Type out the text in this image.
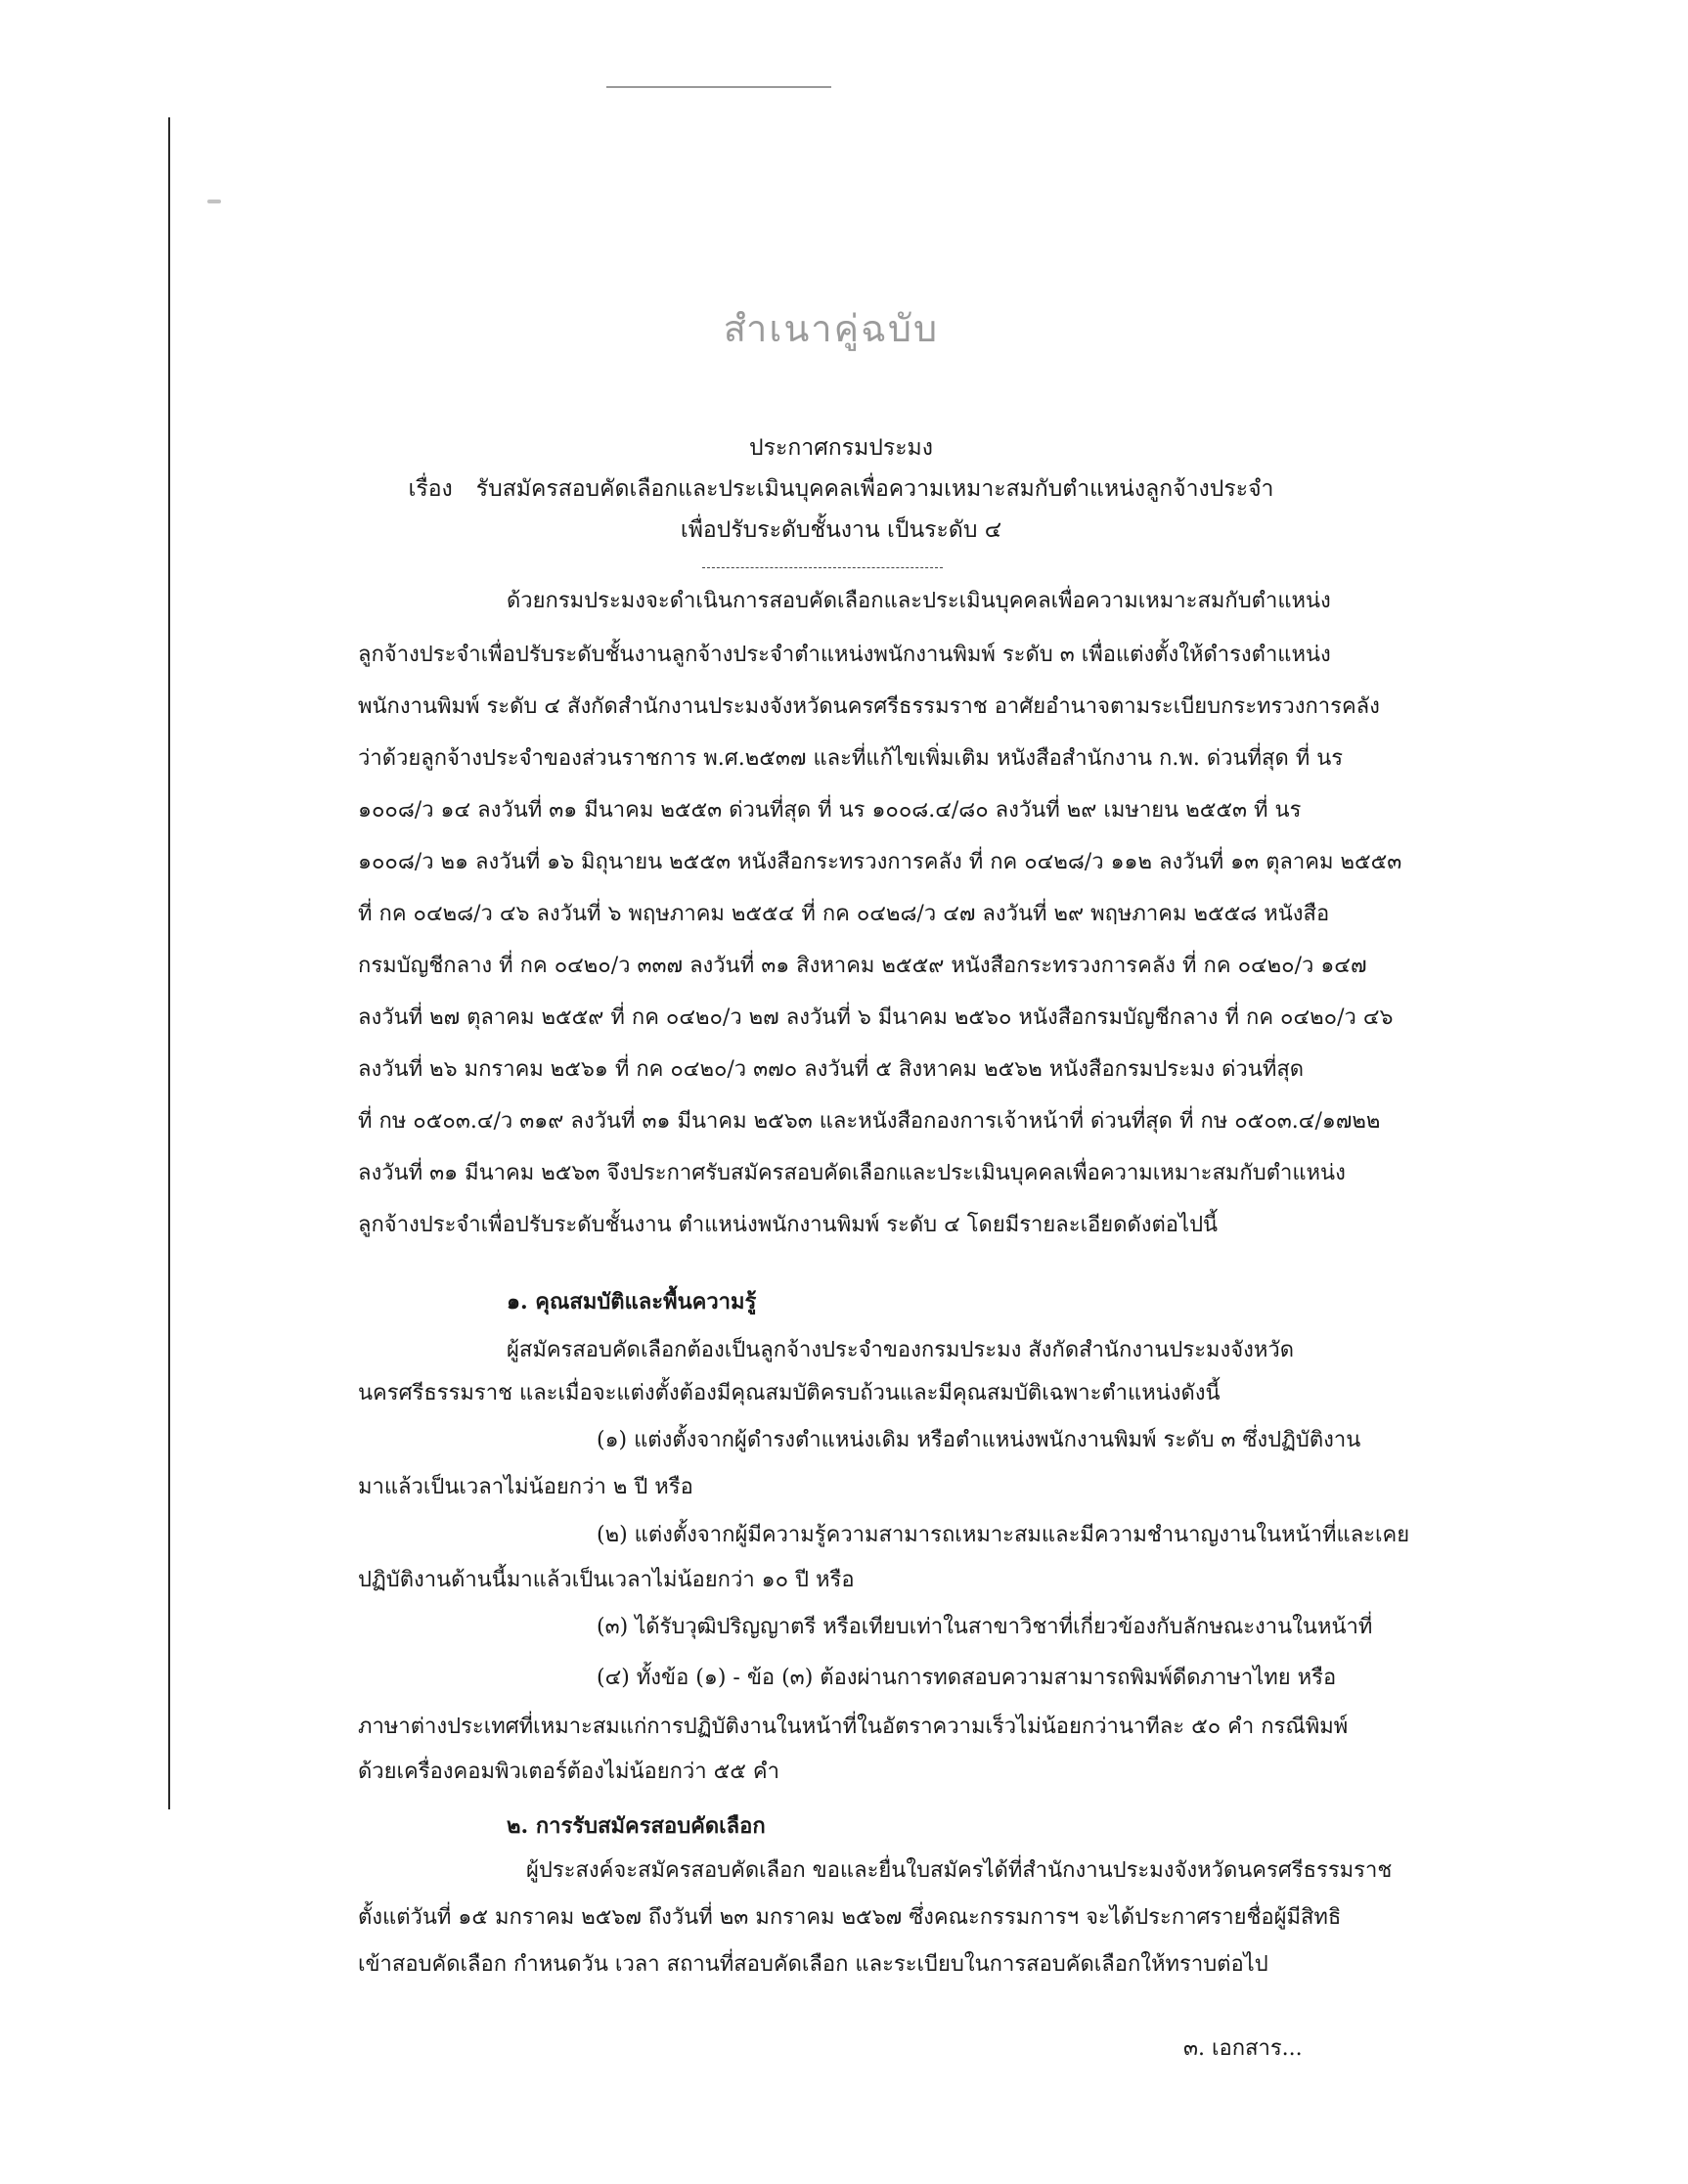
สำเนาคู่ฉบับ
ประกาศกรมประมง
เรื่อง รับสมัครสอบคัดเลือกและประเมินบุคคลเพื่อความเหมาะสมกับตำแหน่งลูกจ้างประจำ
เพื่อปรับระดับชั้นงาน เป็นระดับ ๔
ด้วยกรมประมงจะดำเนินการสอบคัดเลือกและประเมินบุคคลเพื่อความเหมาะสมกับตำแหน่ง
ลูกจ้างประจำเพื่อปรับระดับชั้นงานลูกจ้างประจำตำแหน่งพนักงานพิมพ์ ระดับ ๓ เพื่อแต่งตั้งให้ดำรงตำแหน่ง
พนักงานพิมพ์ ระดับ ๔ สังกัดสำนักงานประมงจังหวัดนครศรีธรรมราช อาศัยอำนาจตามระเบียบกระทรวงการคลัง
ว่าด้วยลูกจ้างประจำของส่วนราชการ พ.ศ.๒๕๓๗ และที่แก้ไขเพิ่มเติม หนังสือสำนักงาน ก.พ. ด่วนที่สุด ที่ นร
๑๐๐๘/ว ๑๔ ลงวันที่ ๓๑ มีนาคม ๒๕๕๓ ด่วนที่สุด ที่ นร ๑๐๐๘.๔/๘๐ ลงวันที่ ๒๙ เมษายน ๒๕๕๓ ที่ นร
๑๐๐๘/ว ๒๑ ลงวันที่ ๑๖ มิถุนายน ๒๕๕๓ หนังสือกระทรวงการคลัง ที่ กค ๐๔๒๘/ว ๑๑๒ ลงวันที่ ๑๓ ตุลาคม ๒๕๕๓
ที่ กค ๐๔๒๘/ว ๔๖ ลงวันที่ ๖ พฤษภาคม ๒๕๕๔ ที่ กค ๐๔๒๘/ว ๔๗ ลงวันที่ ๒๙ พฤษภาคม ๒๕๕๘ หนังสือ
กรมบัญชีกลาง ที่ กค ๐๔๒๐/ว ๓๓๗ ลงวันที่ ๓๑ สิงหาคม ๒๕๕๙ หนังสือกระทรวงการคลัง ที่ กค ๐๔๒๐/ว ๑๔๗
ลงวันที่ ๒๗ ตุลาคม ๒๕๕๙ ที่ กค ๐๔๒๐/ว ๒๗ ลงวันที่ ๖ มีนาคม ๒๕๖๐ หนังสือกรมบัญชีกลาง ที่ กค ๐๔๒๐/ว ๔๖
ลงวันที่ ๒๖ มกราคม ๒๕๖๑ ที่ กค ๐๔๒๐/ว ๓๗๐ ลงวันที่ ๕ สิงหาคม ๒๕๖๒ หนังสือกรมประมง ด่วนที่สุด
ที่ กษ ๐๕๐๓.๔/ว ๓๑๙ ลงวันที่ ๓๑ มีนาคม ๒๕๖๓ และหนังสือกองการเจ้าหน้าที่ ด่วนที่สุด ที่ กษ ๐๕๐๓.๔/๑๗๒๒
ลงวันที่ ๓๑ มีนาคม ๒๕๖๓ จึงประกาศรับสมัครสอบคัดเลือกและประเมินบุคคลเพื่อความเหมาะสมกับตำแหน่ง
ลูกจ้างประจำเพื่อปรับระดับชั้นงาน ตำแหน่งพนักงานพิมพ์ ระดับ ๔ โดยมีรายละเอียดดังต่อไปนี้
๑. คุณสมบัติและพื้นความรู้
ผู้สมัครสอบคัดเลือกต้องเป็นลูกจ้างประจำของกรมประมง สังกัดสำนักงานประมงจังหวัด
นครศรีธรรมราช และเมื่อจะแต่งตั้งต้องมีคุณสมบัติครบถ้วนและมีคุณสมบัติเฉพาะตำแหน่งดังนี้
(๑) แต่งตั้งจากผู้ดำรงตำแหน่งเดิม หรือตำแหน่งพนักงานพิมพ์ ระดับ ๓ ซึ่งปฏิบัติงาน
มาแล้วเป็นเวลาไม่น้อยกว่า ๒ ปี หรือ
(๒) แต่งตั้งจากผู้มีความรู้ความสามารถเหมาะสมและมีความชำนาญงานในหน้าที่และเคย
ปฏิบัติงานด้านนี้มาแล้วเป็นเวลาไม่น้อยกว่า ๑๐ ปี หรือ
(๓) ได้รับวุฒิปริญญาตรี หรือเทียบเท่าในสาขาวิชาที่เกี่ยวข้องกับลักษณะงานในหน้าที่
(๔) ทั้งข้อ (๑) - ข้อ (๓) ต้องผ่านการทดสอบความสามารถพิมพ์ดีดภาษาไทย หรือ
ภาษาต่างประเทศที่เหมาะสมแก่การปฏิบัติงานในหน้าที่ในอัตราความเร็วไม่น้อยกว่านาทีละ ๕๐ คำ กรณีพิมพ์
ด้วยเครื่องคอมพิวเตอร์ต้องไม่น้อยกว่า ๕๕ คำ
๒. การรับสมัครสอบคัดเลือก
ผู้ประสงค์จะสมัครสอบคัดเลือก ขอและยื่นใบสมัครได้ที่สำนักงานประมงจังหวัดนครศรีธรรมราช
ตั้งแต่วันที่ ๑๕ มกราคม ๒๕๖๗ ถึงวันที่ ๒๓ มกราคม ๒๕๖๗ ซึ่งคณะกรรมการฯ จะได้ประกาศรายชื่อผู้มีสิทธิ
เข้าสอบคัดเลือก กำหนดวัน เวลา สถานที่สอบคัดเลือก และระเบียบในการสอบคัดเลือกให้ทราบต่อไป
๓. เอกสาร...
